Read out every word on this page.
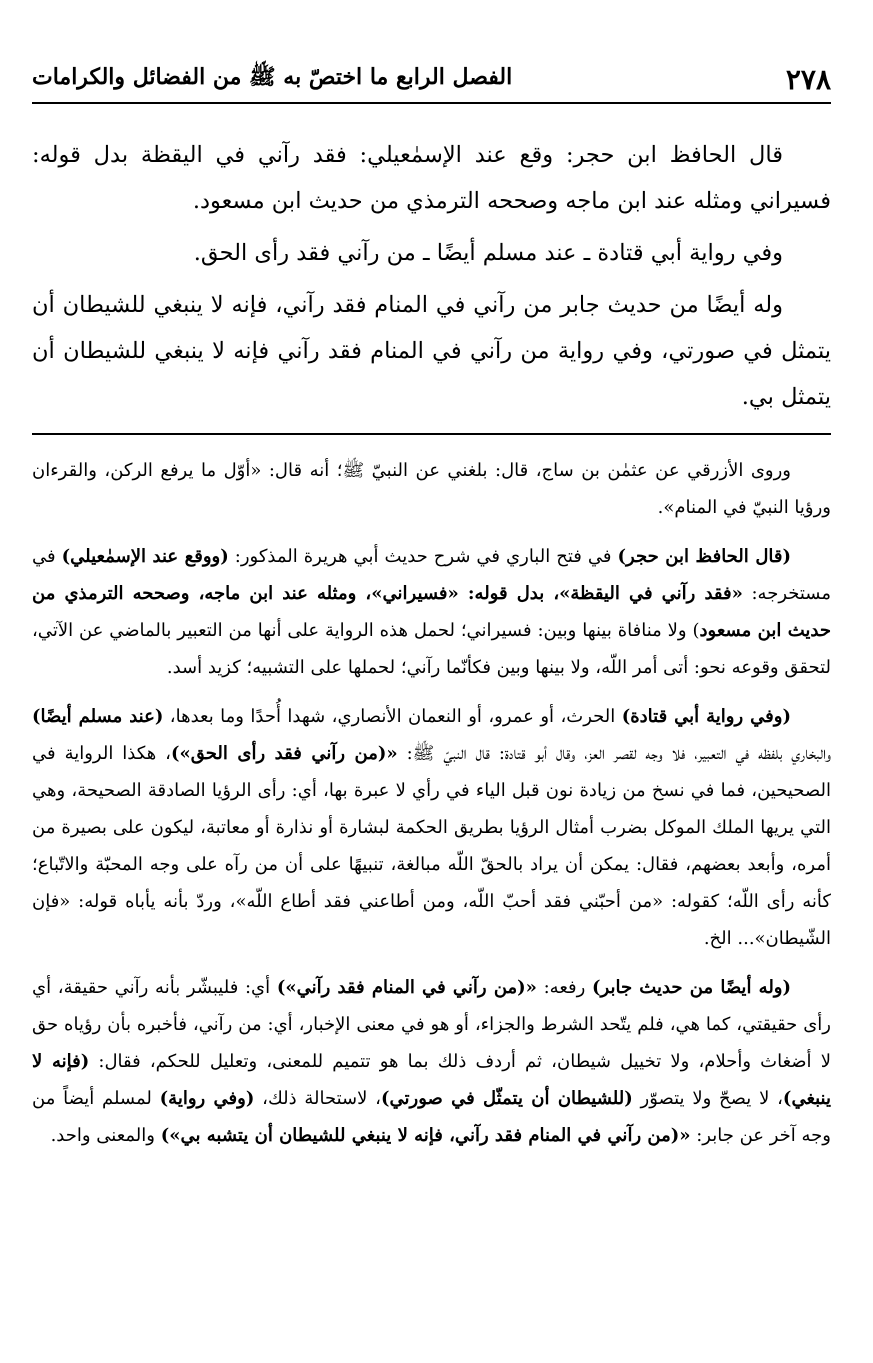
٢٧٨
الفصل الرابع ما اختصّ به ﷺ من الفضائل والكرامات

قال الحافظ ابن حجر: وقع عند الإسمٰعيلي: فقد رآني في اليقظة بدل قوله: فسيراني ومثله عند ابن ماجه وصححه الترمذي من حديث ابن مسعود.

وفي رواية أبي قتادة ـ عند مسلم أيضًا ـ من رآني فقد رأى الحق.

وله أيضًا من حديث جابر من رآني في المنام فقد رآني، فإنه لا ينبغي للشيطان أن يتمثل في صورتي، وفي رواية من رآني في المنام فقد رآني فإنه لا ينبغي للشيطان أن يتمثل بي.

وروى الأزرقي عن عثمٰن بن ساج، قال: بلغني عن النبيّ ﷺ؛ أنه قال: «أوّل ما يرفع الركن، والقرءان ورؤيا النبيّ في المنام».

(قال الحافظ ابن حجر) في فتح الباري في شرح حديث أبي هريرة المذكور: (ووقع عند الإسمٰعيلي) في مستخرجه: «فقد رآني في اليقظة»، بدل قوله: «فسيراني»، ومثله عند ابن ماجه، وصححه الترمذي من حديث ابن مسعود) ولا منافاة بينها وبين: فسيراني؛ لحمل هذه الرواية على أنها من التعبير بالماضي عن الآتي، لتحقق وقوعه نحو: أتى أمر اللّه، ولا بينها وبين فكأنّما رآني؛ لحملها على التشبيه؛ كزيد أسد.

(وفي رواية أبي قتادة) الحرث، أو عمرو، أو النعمان الأنصاري، شهدا أُحدًا وما بعدها، (عند مسلم أيضًا) والبخاري بلفظه في التعبير، فلا وجه لقصر العز، وقال أبو قتادة: قال النبيّ ﷺ: «(من رآني فقد رأى الحق»)، هكذا الرواية في الصحيحين، فما في نسخ من زيادة نون قبل الياء في رأي لا عبرة بها، أي: رأى الرؤيا الصادقة الصحيحة، وهي التي يريها الملك الموكل بضرب أمثال الرؤيا بطريق الحكمة لبشارة أو نذارة أو معاتبة، ليكون على بصيرة من أمره، وأبعد بعضهم، فقال: يمكن أن يراد بالحقّ اللّه مبالغة، تنبيهًا على أن من رآه على وجه المحبّة والاتّباع؛ كأنه رأى اللّه؛ كقوله: «من أحبّني فقد أحبّ اللّه، ومن أطاعني فقد أطاع اللّه»، وردّ بأنه يأباه قوله: «فإن الشّيطان»... الخ.

(وله أيضًا من حديث جابر) رفعه: «(من رآني في المنام فقد رآني») أي: فليبشّر بأنه رآني حقيقة، أي رأى حقيقتي، كما هي، فلم يتّحد الشرط والجزاء، أو هو في معنى الإخبار، أي: من رآني، فأخبره بأن رؤياه حق لا أضغاث وأحلام، ولا تخييل شيطان، ثم أردف ذلك بما هو تتميم للمعنى، وتعليل للحكم، فقال: (فإنه لا ينبغي)، لا يصحّ ولا يتصوّر (للشيطان أن يتمثّل في صورتي)، لاستحالة ذلك، (وفي رواية) لمسلم أيضاً من وجه آخر عن جابر: «(من رآني في المنام فقد رآني، فإنه لا ينبغي للشيطان أن يتشبه بي») والمعنى واحد.
